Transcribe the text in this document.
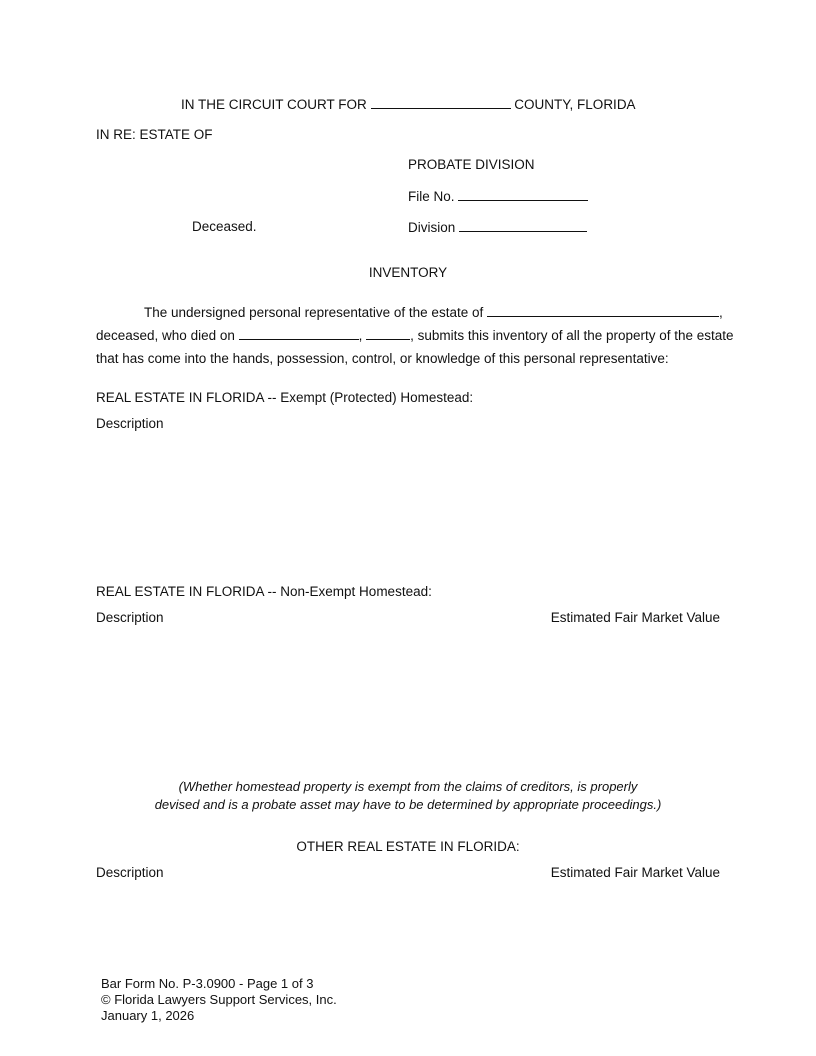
IN THE CIRCUIT COURT FOR	COUNTY, FLORIDA
IN RE: ESTATE OF
PROBATE DIVISION
File No.
Deceased.	Division
INVENTORY
The undersigned personal representative of the estate of	,
deceased, who died on	,	, submits this inventory of all the property of the estate
that has come into the hands, possession, control, or knowledge of this personal representative:
REAL ESTATE IN FLORIDA -- Exempt (Protected) Homestead:
Description
REAL ESTATE IN FLORIDA -- Non-Exempt Homestead:
Description	Estimated Fair Market Value
(Whether homestead property is exempt from the claims of creditors, is properly
devised and is a probate asset may have to be determined by appropriate proceedings.)
OTHER REAL ESTATE IN FLORIDA:
Description	Estimated Fair Market Value
Bar Form No. P-3.0900 - Page 1 of 3
© Florida Lawyers Support Services, Inc.
January 1, 2026
